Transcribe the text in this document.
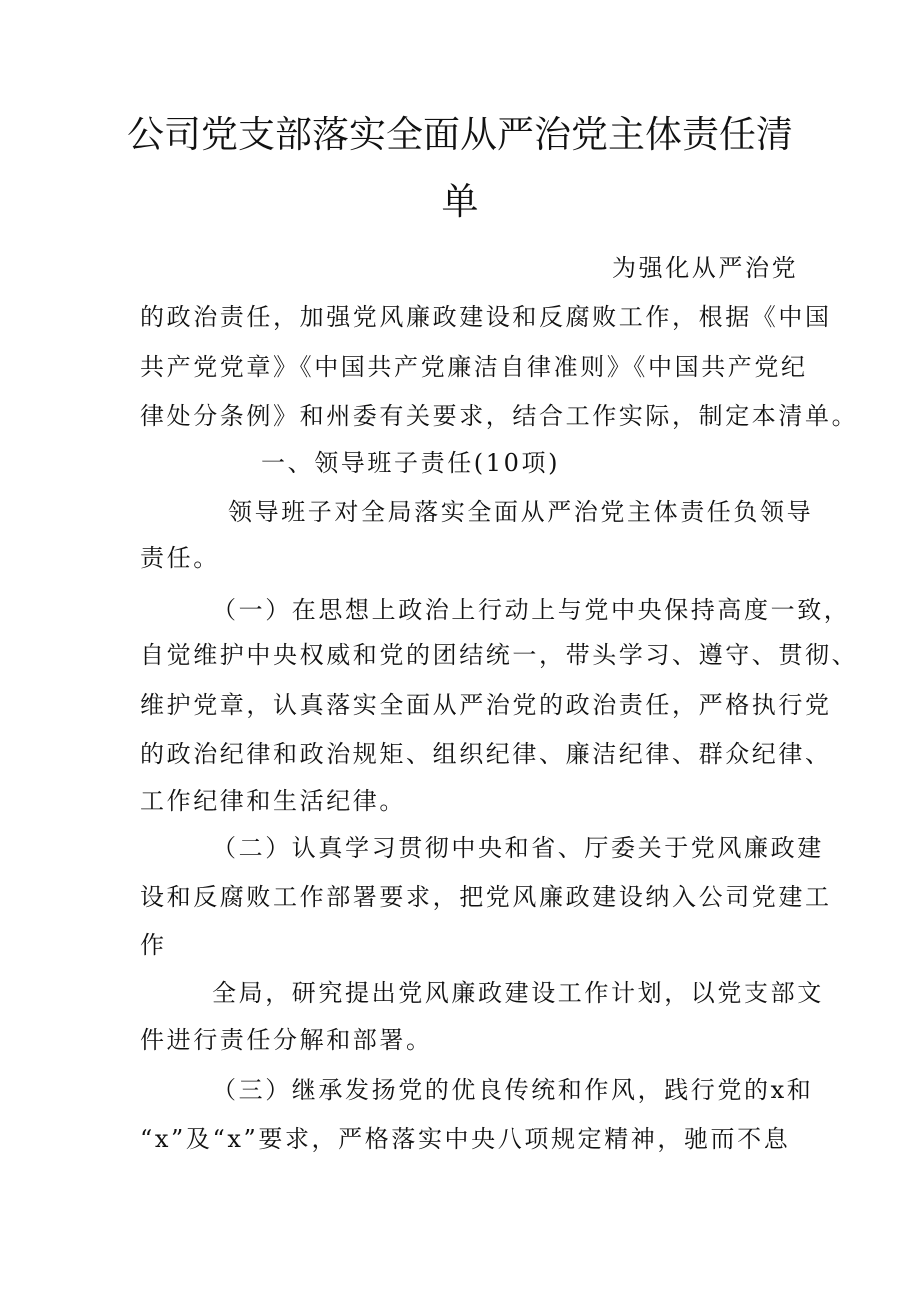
公司党支部落实全面从严治党主体责任清
单
为强化从严治党
的政治责任，加强党风廉政建设和反腐败工作，根据《中国
共产党党章》《中国共产党廉洁自律准则》《中国共产党纪
律处分条例》和州委有关要求，结合工作实际，制定本清单。
一、领导班子责任(10项)
领导班子对全局落实全面从严治党主体责任负领导
责任。
（一）在思想上政治上行动上与党中央保持高度一致，
自觉维护中央权威和党的团结统一，带头学习、遵守、贯彻、
维护党章，认真落实全面从严治党的政治责任，严格执行党
的政治纪律和政治规矩、组织纪律、廉洁纪律、群众纪律、
工作纪律和生活纪律。
（二）认真学习贯彻中央和省、厅委关于党风廉政建
设和反腐败工作部署要求，把党风廉政建设纳入公司党建工
作
全局，研究提出党风廉政建设工作计划，以党支部文
件进行责任分解和部署。
（三）继承发扬党的优良传统和作风，践行党的x和
“x”及“x”要求，严格落实中央八项规定精神，驰而不息
